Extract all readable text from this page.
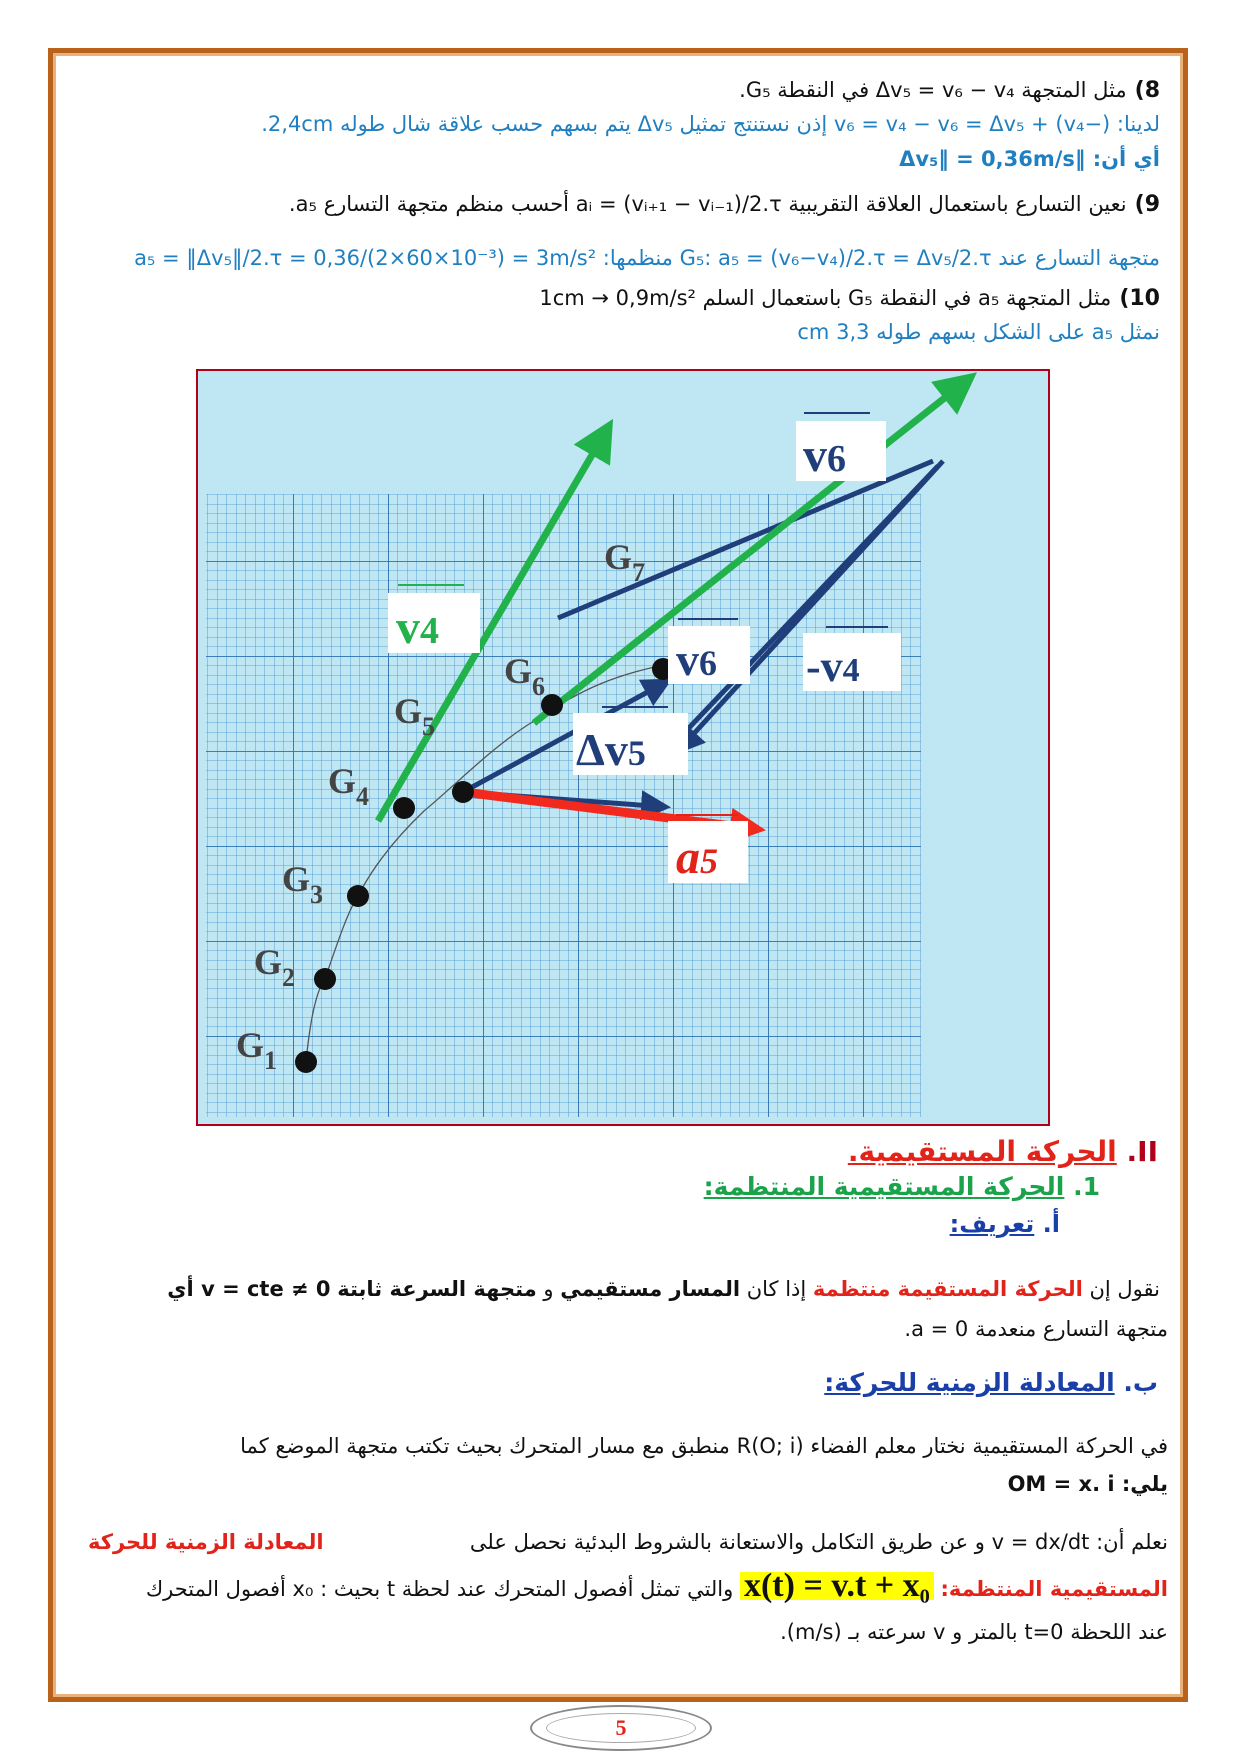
8)مثل المتجهة Δv₅ = v₆ − v₄ في النقطة G₅.
لدينا: (−v₄) + v₆ = v₄ − v₆ = Δv₅ إذن نستنتج تمثيل Δv₅ يتم بسهم حسب علاقة شال طوله 2,4cm.
أي أن: ‖Δv₅‖ = 0,36m/s
9)نعين التسارع باستعمال العلاقة التقريبية aᵢ = (vᵢ₊₁ − vᵢ₋₁)/2.τ أحسب منظم متجهة التسارع a₅.
متجهة التسارع عند G₅: a₅ = (v₆−v₄)/2.τ = Δv₅/2.τ منظمها: a₅ = ‖Δv₅‖/2.τ = 0,36/(2×60×10⁻³) = 3m/s²
10)مثل المتجهة a₅ في النقطة G₅ باستعمال السلم 1cm → 0,9m/s²
نمثل a₅ على الشكل بسهم طوله 3,3 cm
$G_1$
$G_2$
$G_3$
$G_4$
$G_5$
$G_6$
$G_7$
v6
v4
v6 -v4
Δv5
a5
II. الحركة المستقيمية.
1. الحركة المستقيمية المنتظمة:
أ. تعريف:
نقول إن الحركة المستقيمة منتظمة إذا كان المسار مستقيمي و متجهة السرعة ثابتة v = cte ≠ 0 أي
متجهة التسارع منعدمة a = 0.
ب. المعادلة الزمنية للحركة:
في الحركة المستقيمية نختار معلم الفضاء R(O; i) منطبق مع مسار المتحرك بحيث تكتب متجهة الموضع كما
يلي: OM = x. i
نعلم أن: v = dx/dt و عن طريق التكامل والاستعانة بالشروط البدئية نحصل على
المعادلة الزمنية للحركة
المستقيمية المنتظمة: x(t) = v.t + x₀ والتي تمثل أفصول المتحرك عند لحظة t بحيث : x₀ أفصول المتحرك
عند اللحظة t=0 بالمتر و v سرعته بـ (m/s).
5
